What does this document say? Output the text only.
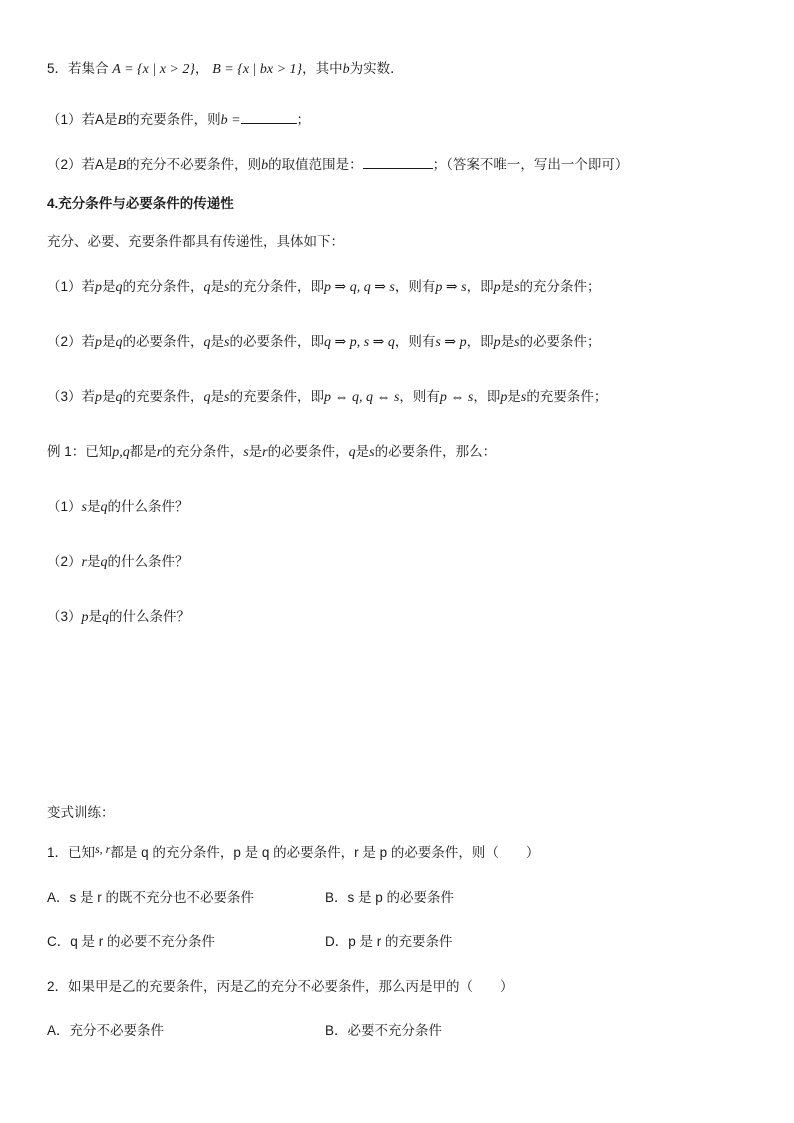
5．若集合 A = {x | x > 2}， B = {x | bx > 1}，其中b为实数．
（1）若A是B的充要条件，则b =	；
（2）若A是B的充分不必要条件，则b的取值范围是：	；（答案不唯一，写出一个即可）
4.充分条件与必要条件的传递性
充分、必要、充要条件都具有传递性，具体如下：
（1）若p是q的充分条件，q是s的充分条件，即p ⇒ q, q ⇒ s，则有p ⇒ s，即p是s的充分条件；
（2）若p是q的必要条件，q是s的必要条件，即q ⇒ p, s ⇒ q，则有s ⇒ p，即p是s的必要条件；
（3）若p是q的充要条件，q是s的充要条件，即p ⇔ q, q ⇔ s，则有p ⇔ s，即p是s的充要条件；
例 1：已知p,q都是r的充分条件，s是r的必要条件，q是s的必要条件，那么：
（1）s是q的什么条件？
（2）r是q的什么条件？
（3）p是q的什么条件？
变式训练：
1．已知s, r都是 q 的充分条件，p 是 q 的必要条件，r 是 p 的必要条件，则（　　）
A．s 是 r 的既不充分也不必要条件	B．s 是 p 的必要条件
C．q 是 r 的必要不充分条件	D．p 是 r 的充要条件
2．如果甲是乙的充要条件，丙是乙的充分不必要条件，那么丙是甲的（　　）
A．充分不必要条件	B．必要不充分条件
